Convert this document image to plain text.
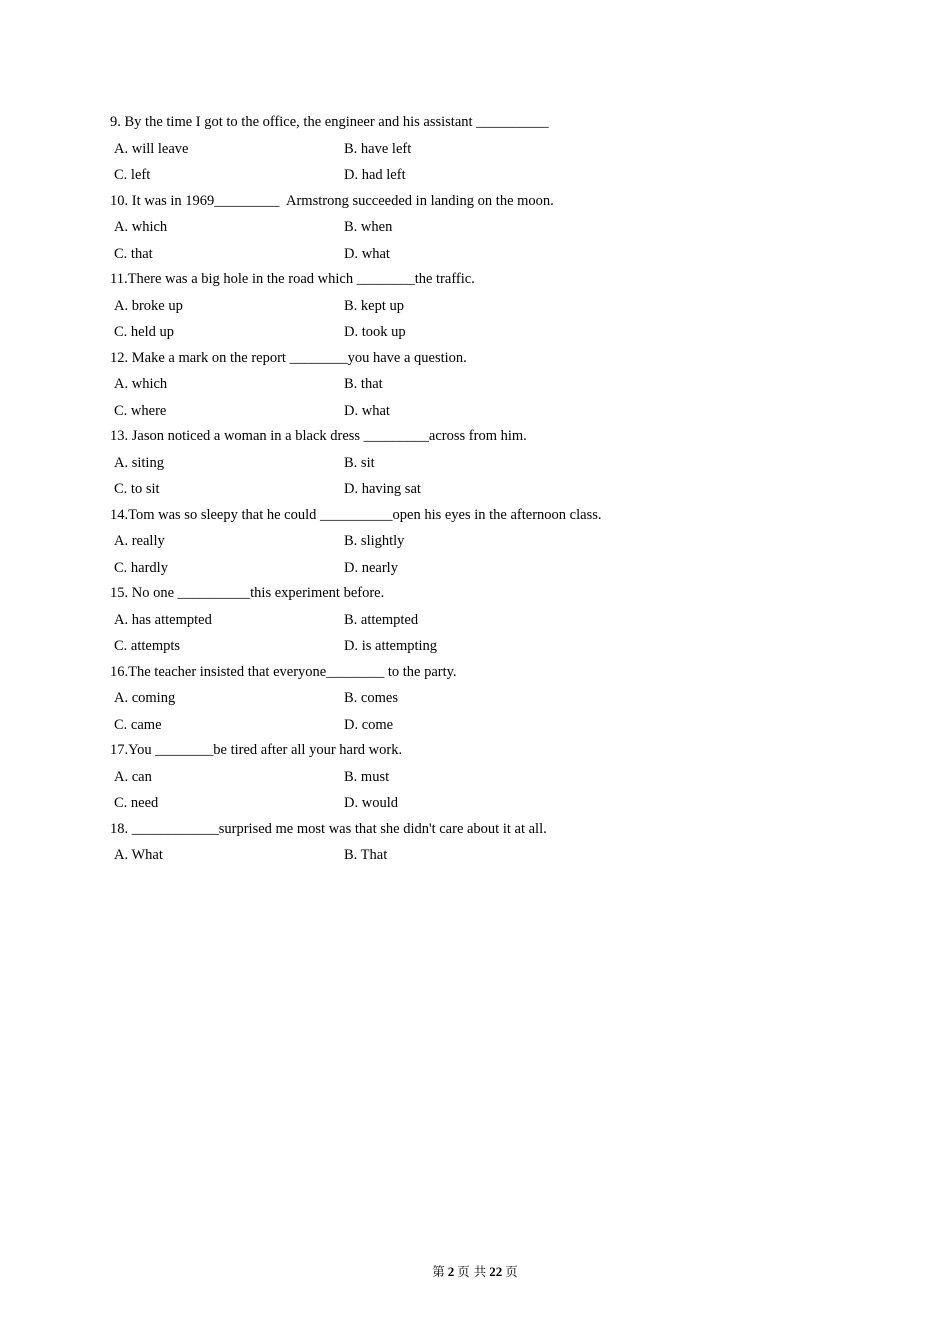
9. By the time I got to the office, the engineer and his assistant __________
A. will leave	B. have left
C. left	D. had left
10. It was in 1969_________  Armstrong succeeded in landing on the moon.
A. which	B. when
C. that	D. what
11.There was a big hole in the road which ________the traffic.
A. broke up	B. kept up
C. held up	D. took up
12. Make a mark on the report ________you have a question.
A. which	B. that
C. where	D. what
13. Jason noticed a woman in a black dress _________across from him.
A. siting	B. sit
C. to sit	D. having sat
14.Tom was so sleepy that he could __________open his eyes in the afternoon class.
A. really	B. slightly
C. hardly	D. nearly
15. No one __________this experiment before.
A. has attempted	B. attempted
C. attempts	D. is attempting
16.The teacher insisted that everyone________ to the party.
A. coming	B. comes
C. came	D. come
17.You ________be tired after all your hard work.
A. can	B. must
C. need	D. would
18. ____________surprised me most was that she didn't care about it at all.
A. What	B. That
第 2 页 共 22 页
